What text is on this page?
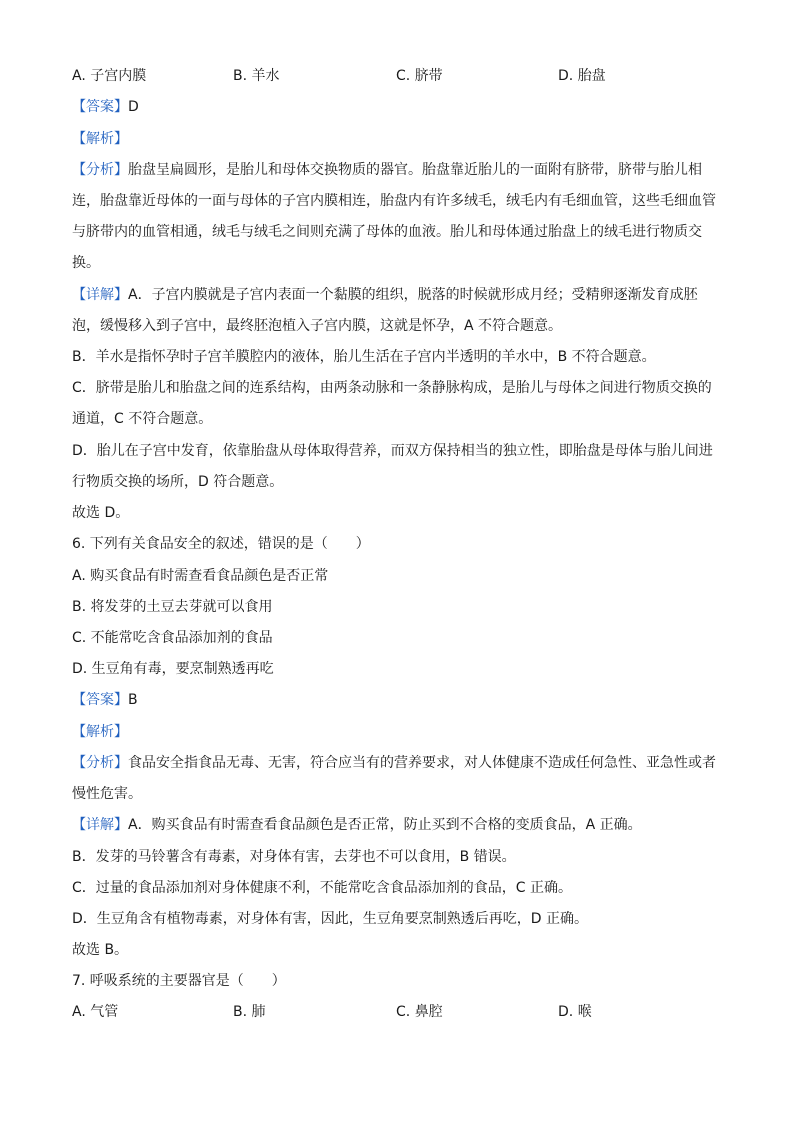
A. 子宫内膜	B. 羊水	C. 脐带	D. 胎盘
【答案】D
【解析】
【分析】胎盘呈扁圆形，是胎儿和母体交换物质的器官。胎盘靠近胎儿的一面附有脐带，脐带与胎儿相
连，胎盘靠近母体的一面与母体的子宫内膜相连，胎盘内有许多绒毛，绒毛内有毛细血管，这些毛细血管
与脐带内的血管相通，绒毛与绒毛之间则充满了母体的血液。胎儿和母体通过胎盘上的绒毛进行物质交
换。
【详解】A．子宫内膜就是子宫内表面一个黏膜的组织，脱落的时候就形成月经；受精卵逐渐发育成胚
泡，缓慢移入到子宫中，最终胚泡植入子宫内膜，这就是怀孕，A 不符合题意。
B．羊水是指怀孕时子宫羊膜腔内的液体，胎儿生活在子宫内半透明的羊水中，B 不符合题意。
C．脐带是胎儿和胎盘之间的连系结构，由两条动脉和一条静脉构成，是胎儿与母体之间进行物质交换的
通道，C 不符合题意。
D．胎儿在子宫中发育，依靠胎盘从母体取得营养，而双方保持相当的独立性，即胎盘是母体与胎儿间进
行物质交换的场所，D 符合题意。
故选 D。
6. 下列有关食品安全的叙述，错误的是（　　）
A. 购买食品有时需查看食品颜色是否正常
B. 将发芽的土豆去芽就可以食用
C. 不能常吃含食品添加剂的食品
D. 生豆角有毒，要烹制熟透再吃
【答案】B
【解析】
【分析】食品安全指食品无毒、无害，符合应当有的营养要求，对人体健康不造成任何急性、亚急性或者
慢性危害。
【详解】A．购买食品有时需查看食品颜色是否正常，防止买到不合格的变质食品，A 正确。
B．发芽的马铃薯含有毒素，对身体有害，去芽也不可以食用，B 错误。
C．过量的食品添加剂对身体健康不利，不能常吃含食品添加剂的食品，C 正确。
D．生豆角含有植物毒素，对身体有害，因此，生豆角要烹制熟透后再吃，D 正确。
故选 B。
7. 呼吸系统的主要器官是（　　）
A. 气管	B. 肺	C. 鼻腔	D. 喉
